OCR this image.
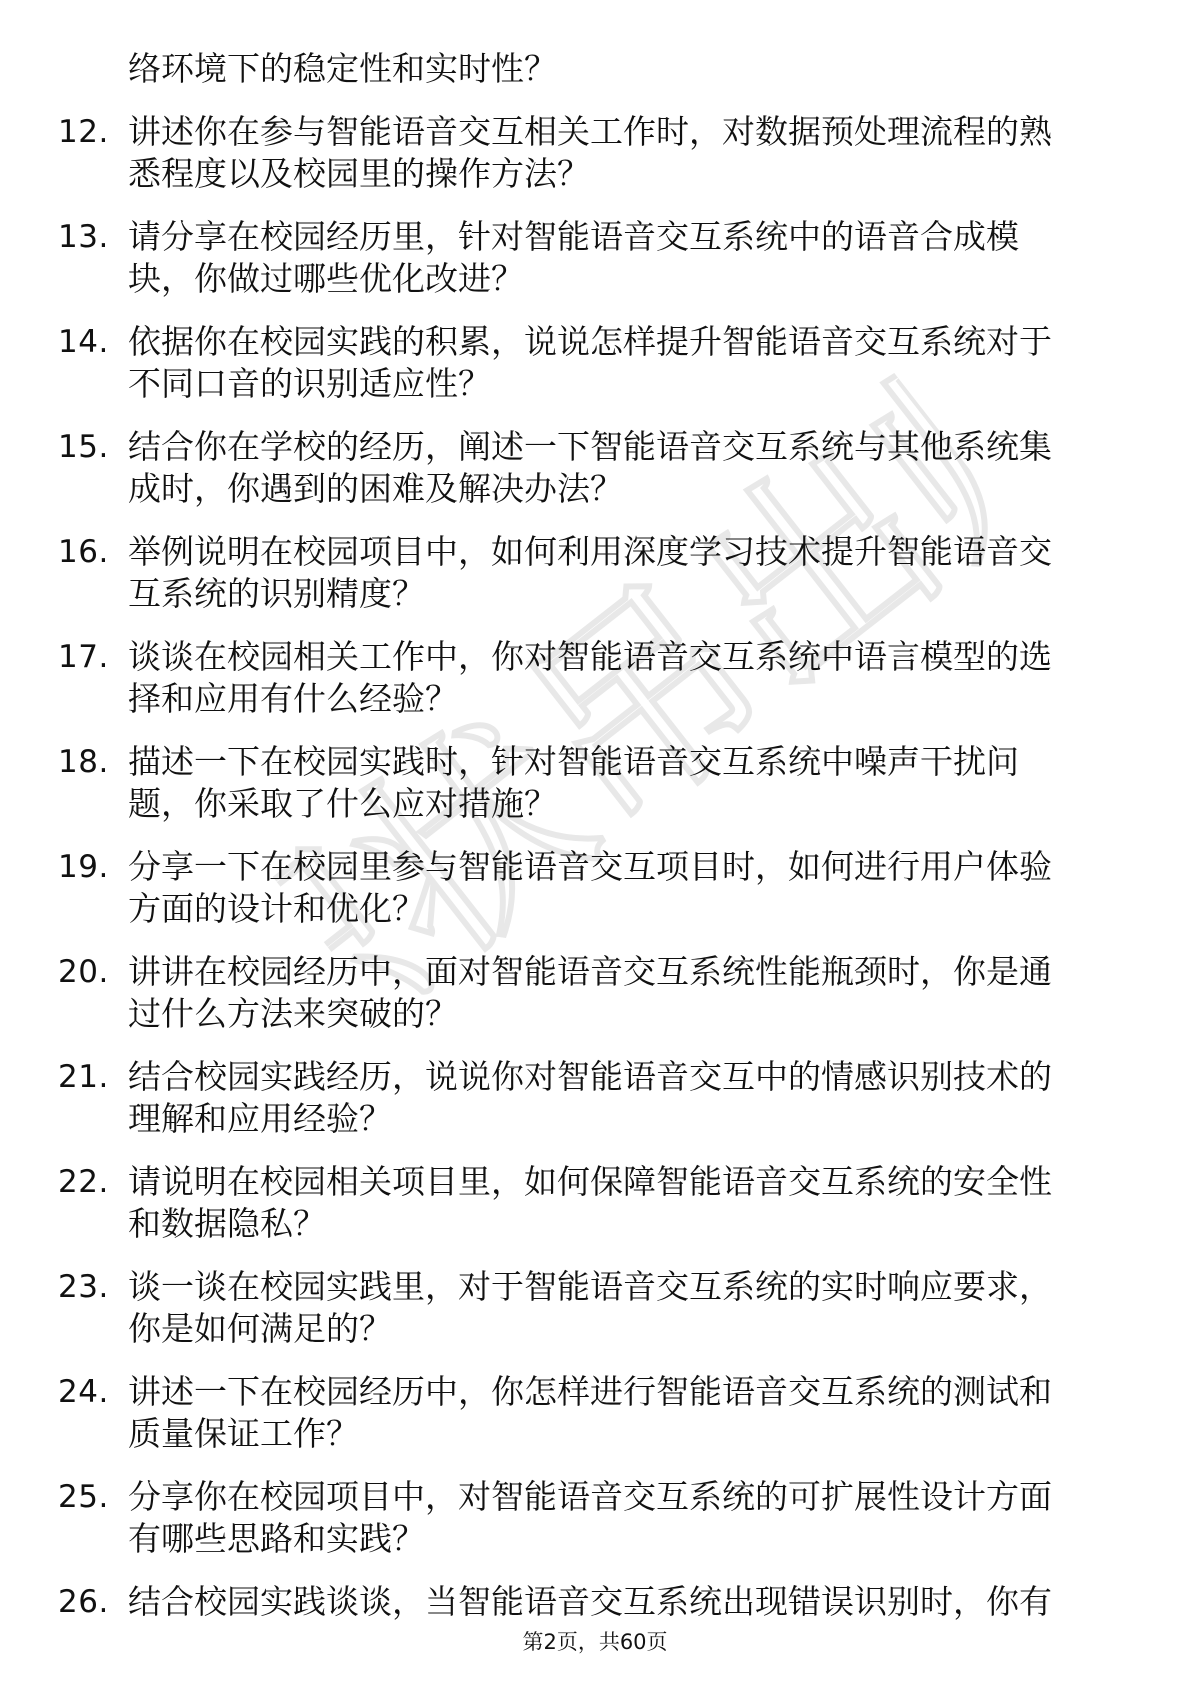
职状吊出师
络环境下的稳定性和实时性？
12. 讲述你在参与智能语音交互相关工作时，对数据预处理流程的熟
悉程度以及校园里的操作方法？
13. 请分享在校园经历里，针对智能语音交互系统中的语音合成模
块，你做过哪些优化改进？
14. 依据你在校园实践的积累，说说怎样提升智能语音交互系统对于
不同口音的识别适应性？
15. 结合你在学校的经历，阐述一下智能语音交互系统与其他系统集
成时，你遇到的困难及解决办法？
16. 举例说明在校园项目中，如何利用深度学习技术提升智能语音交
互系统的识别精度？
17. 谈谈在校园相关工作中，你对智能语音交互系统中语言模型的选
择和应用有什么经验？
18. 描述一下在校园实践时，针对智能语音交互系统中噪声干扰问
题，你采取了什么应对措施？
19. 分享一下在校园里参与智能语音交互项目时，如何进行用户体验
方面的设计和优化？
20. 讲讲在校园经历中，面对智能语音交互系统性能瓶颈时，你是通
过什么方法来突破的？
21. 结合校园实践经历，说说你对智能语音交互中的情感识别技术的
理解和应用经验？
22. 请说明在校园相关项目里，如何保障智能语音交互系统的安全性
和数据隐私？
23. 谈一谈在校园实践里，对于智能语音交互系统的实时响应要求，
你是如何满足的？
24. 讲述一下在校园经历中，你怎样进行智能语音交互系统的测试和
质量保证工作？
25. 分享你在校园项目中，对智能语音交互系统的可扩展性设计方面
有哪些思路和实践？
26. 结合校园实践谈谈，当智能语音交互系统出现错误识别时，你有
第2页，共60页
